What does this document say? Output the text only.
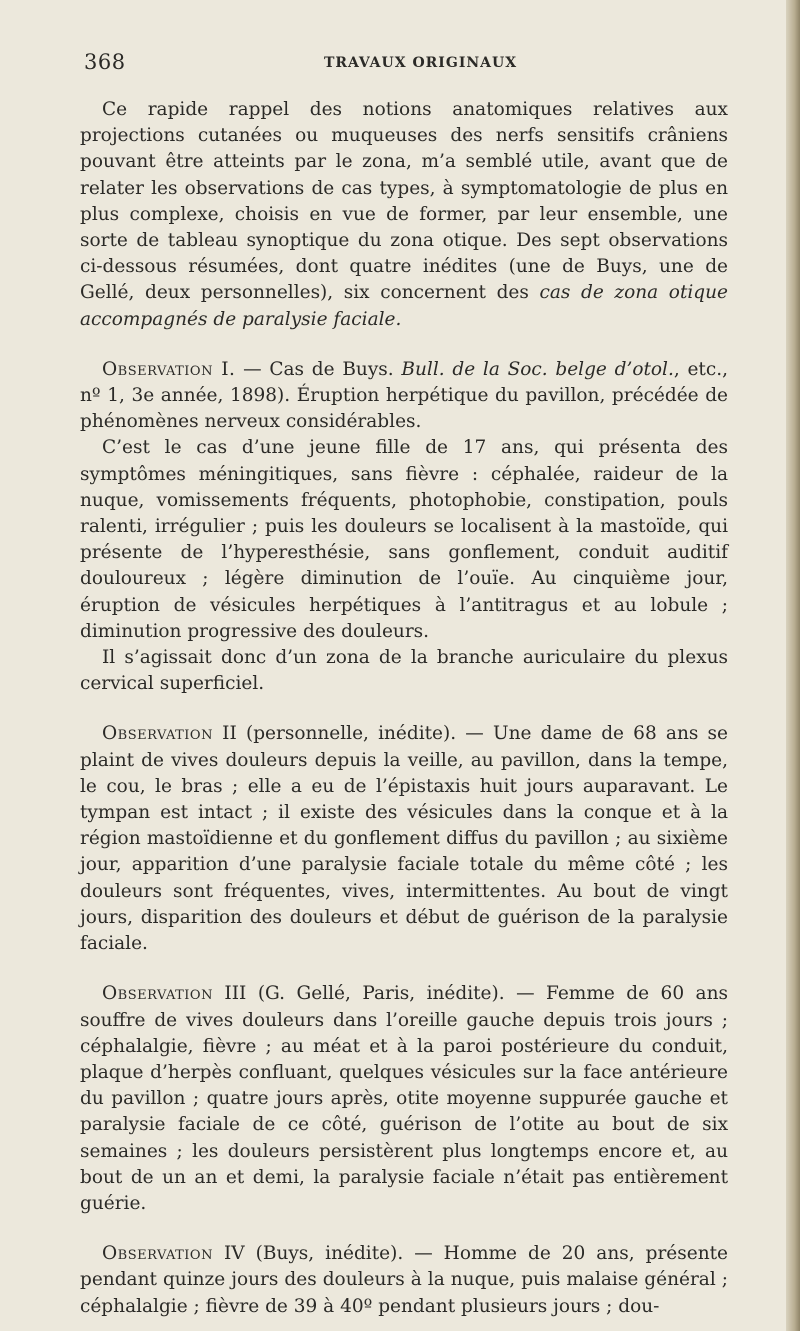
368	TRAVAUX ORIGINAUX

Ce rapide rappel des notions anatomiques relatives aux projections cutanées ou muqueuses des nerfs sensitifs crâniens pouvant être atteints par le zona, m’a semblé utile, avant que de relater les observations de cas types, à symptomatologie de plus en plus complexe, choisis en vue de former, par leur ensemble, une sorte de tableau synoptique du zona otique. Des sept observations ci-dessous résumées, dont quatre inédites (une de Buys, une de Gellé, deux personnelles), six concernent des cas de zona otique accompagnés de paralysie faciale.

Observation I. — Cas de Buys. Bull. de la Soc. belge d’otol., etc., nº 1, 3e année, 1898). Éruption herpétique du pavillon, précédée de phénomènes nerveux considérables.

C’est le cas d’une jeune fille de 17 ans, qui présenta des symptômes méningitiques, sans fièvre : céphalée, raideur de la nuque, vomissements fréquents, photophobie, constipation, pouls ralenti, irrégulier ; puis les douleurs se localisent à la mastoïde, qui présente de l’hyperesthésie, sans gonflement, conduit auditif douloureux ; légère diminution de l’ouïe. Au cinquième jour, éruption de vésicules herpétiques à l’antitragus et au lobule ; diminution progressive des douleurs.

Il s’agissait donc d’un zona de la branche auriculaire du plexus cervical superficiel.

Observation II (personnelle, inédite). — Une dame de 68 ans se plaint de vives douleurs depuis la veille, au pavillon, dans la tempe, le cou, le bras ; elle a eu de l’épistaxis huit jours auparavant. Le tympan est intact ; il existe des vésicules dans la conque et à la région mastoïdienne et du gonflement diffus du pavillon ; au sixième jour, apparition d’une paralysie faciale totale du même côté ; les douleurs sont fréquentes, vives, intermittentes. Au bout de vingt jours, disparition des douleurs et début de guérison de la paralysie faciale.

Observation III (G. Gellé, Paris, inédite). — Femme de 60 ans souffre de vives douleurs dans l’oreille gauche depuis trois jours ; céphalalgie, fièvre ; au méat et à la paroi postérieure du conduit, plaque d’herpès confluant, quelques vésicules sur la face antérieure du pavillon ; quatre jours après, otite moyenne suppurée gauche et paralysie faciale de ce côté, guérison de l’otite au bout de six semaines ; les douleurs persistèrent plus longtemps encore et, au bout de un an et demi, la paralysie faciale n’était pas entièrement guérie.

Observation IV (Buys, inédite). — Homme de 20 ans, présente pendant quinze jours des douleurs à la nuque, puis malaise général ; céphalalgie ; fièvre de 39 à 40º pendant plusieurs jours ; dou-
